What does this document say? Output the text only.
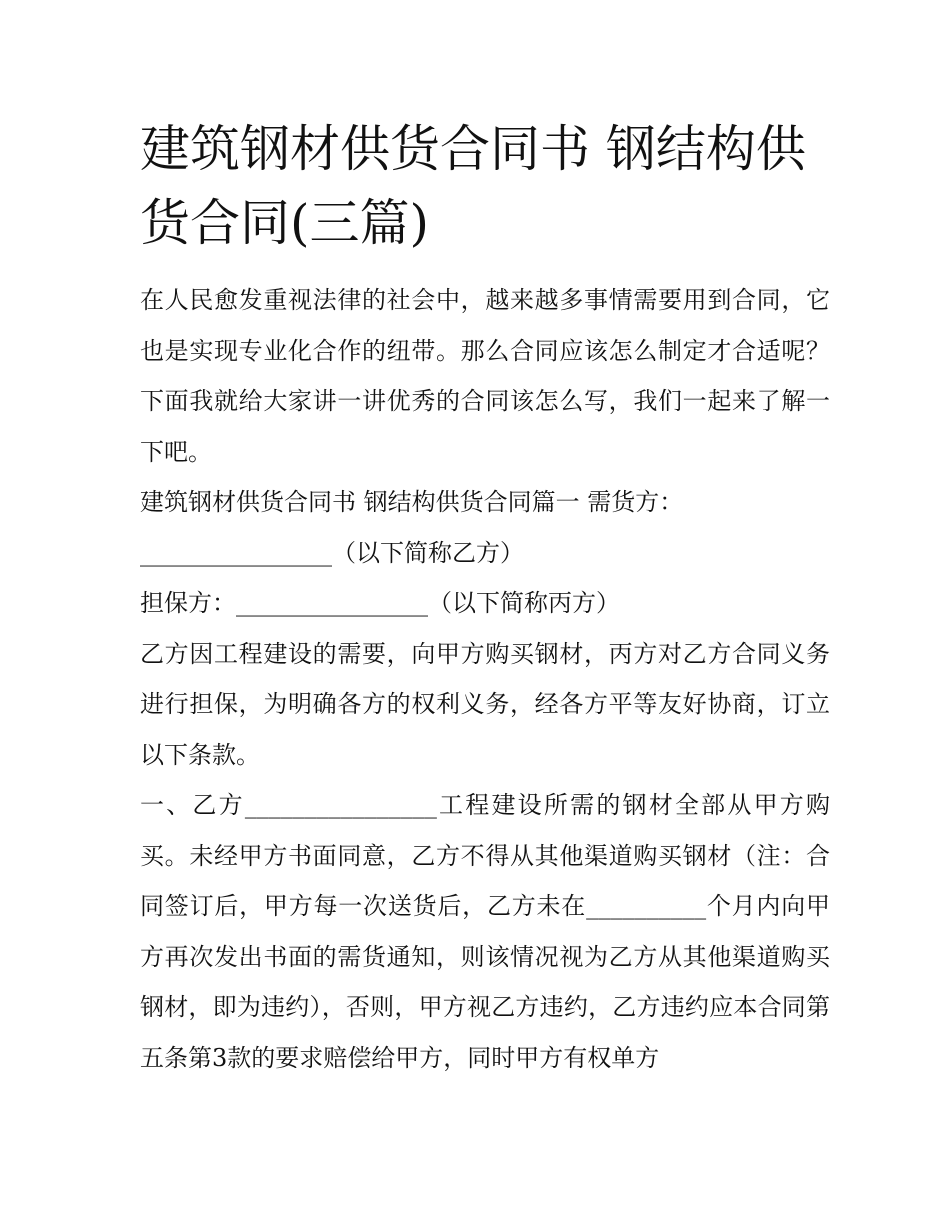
建筑钢材供货合同书 钢结构供货合同(三篇)

在人民愈发重视法律的社会中，越来越多事情需要用到合同，它也是实现专业化合作的纽带。那么合同应该怎么制定才合适呢？下面我就给大家讲一讲优秀的合同该怎么写，我们一起来了解一下吧。

建筑钢材供货合同书 钢结构供货合同篇一 需货方：

________________（以下简称乙方）

担保方：________________（以下简称丙方）

乙方因工程建设的需要，向甲方购买钢材，丙方对乙方合同义务进行担保，为明确各方的权利义务，经各方平等友好协商，订立以下条款。

一、乙方________________工程建设所需的钢材全部从甲方购买。未经甲方书面同意，乙方不得从其他渠道购买钢材（注：合同签订后，甲方每一次送货后，乙方未在__________个月内向甲方再次发出书面的需货通知，则该情况视为乙方从其他渠道购买钢材，即为违约），否则，甲方视乙方违约，乙方违约应本合同第五条第3款的要求赔偿给甲方，同时甲方有权单方
